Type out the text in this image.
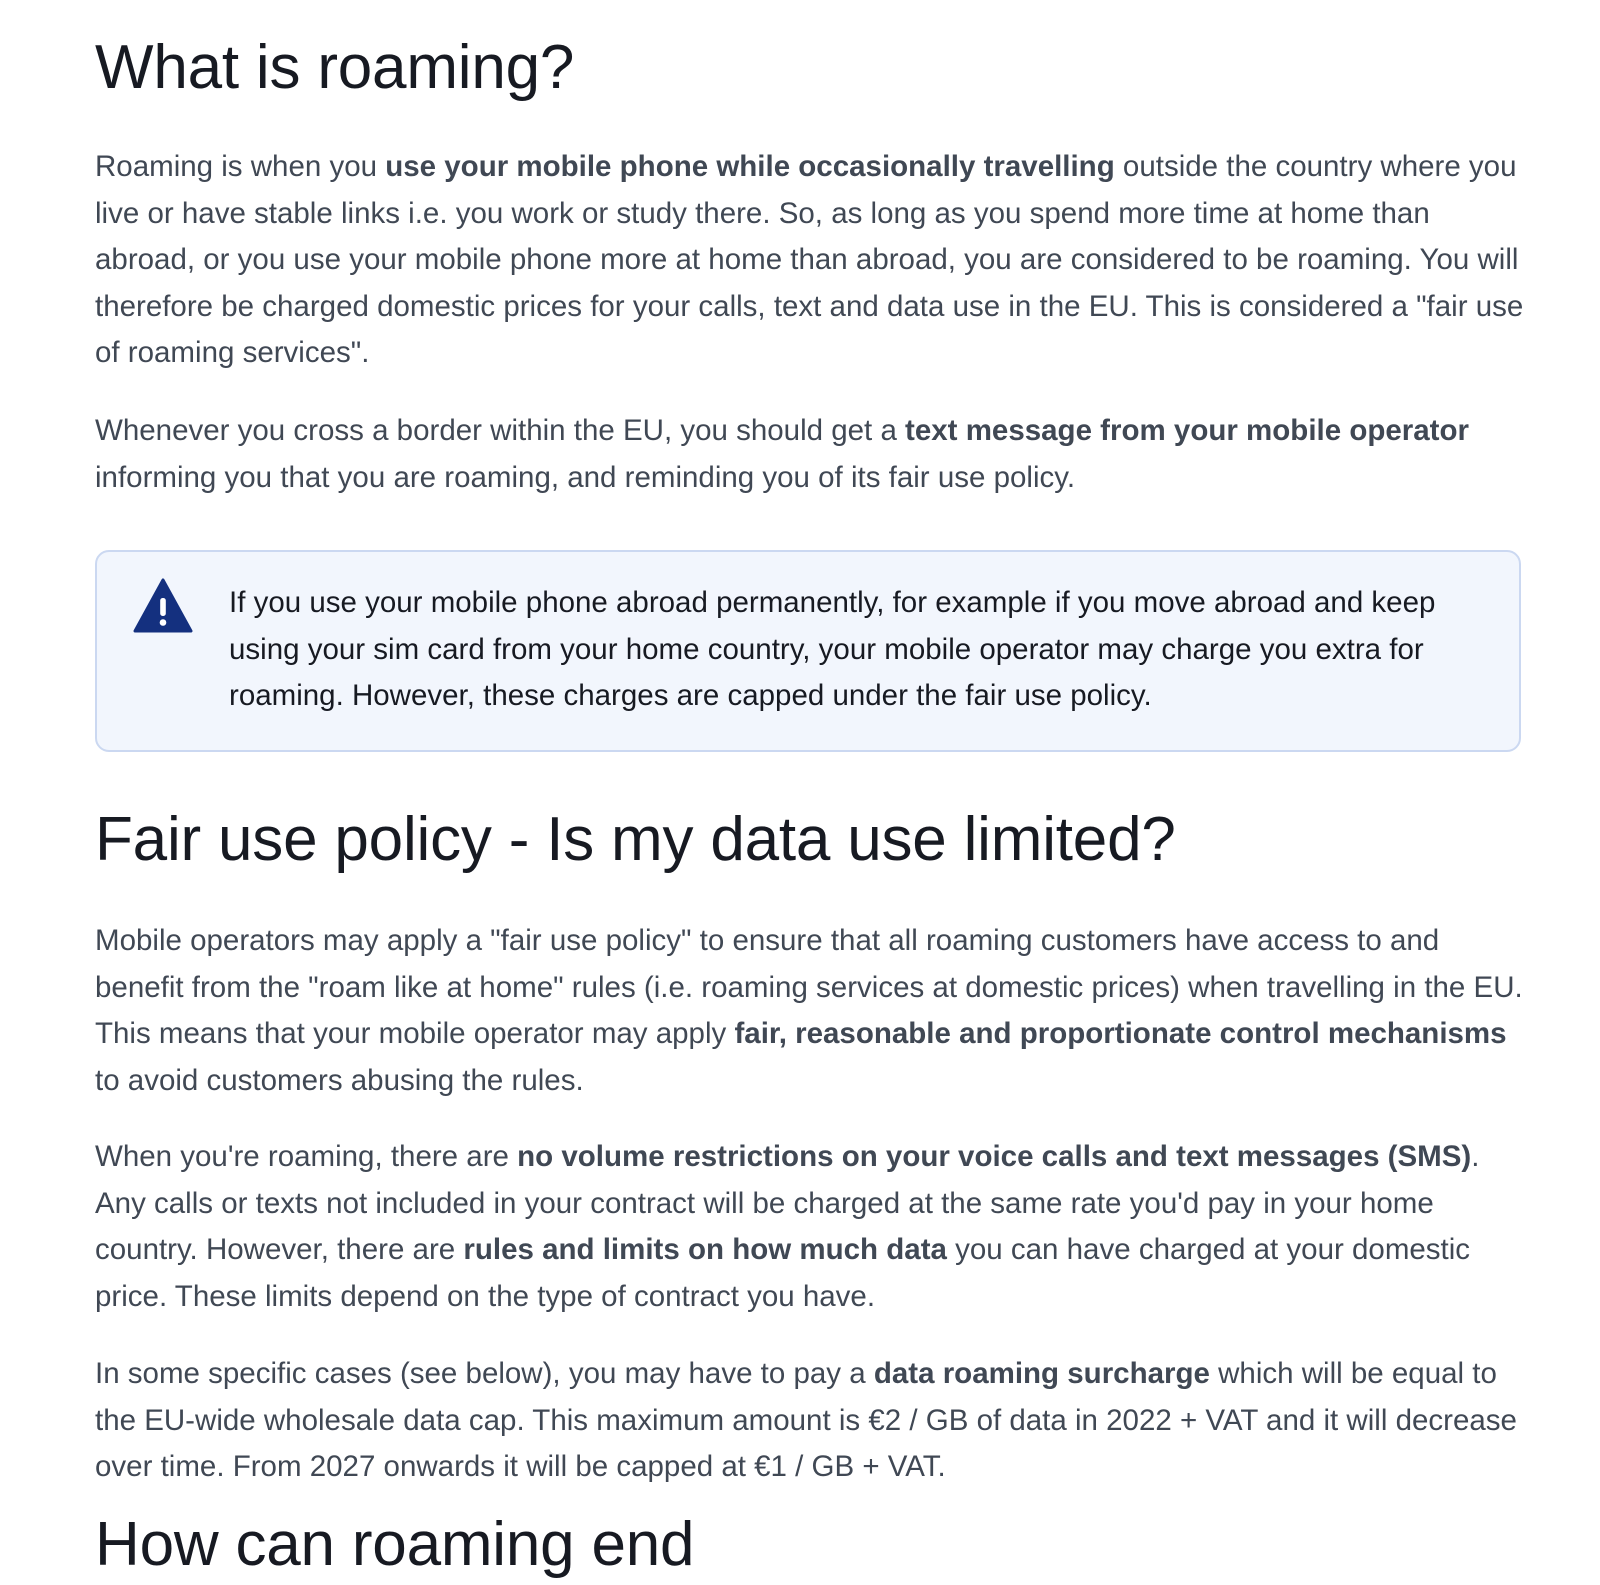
What is roaming?

Roaming is when you use your mobile phone while occasionally travelling outside the country where you live or have stable links i.e. you work or study there. So, as long as you spend more time at home than abroad, or you use your mobile phone more at home than abroad, you are considered to be roaming. You will therefore be charged domestic prices for your calls, text and data use in the EU. This is considered a "fair use of roaming services".

Whenever you cross a border within the EU, you should get a text message from your mobile operator informing you that you are roaming, and reminding you of its fair use policy.

If you use your mobile phone abroad permanently, for example if you move abroad and keep using your sim card from your home country, your mobile operator may charge you extra for roaming. However, these charges are capped under the fair use policy.
Fair use policy - Is my data use limited?

Mobile operators may apply a "fair use policy" to ensure that all roaming customers have access to and benefit from the "roam like at home" rules (i.e. roaming services at domestic prices) when travelling in the EU. This means that your mobile operator may apply fair, reasonable and proportionate control mechanisms to avoid customers abusing the rules.

When you're roaming, there are no volume restrictions on your voice calls and text messages (SMS). Any calls or texts not included in your contract will be charged at the same rate you'd pay in your home country. However, there are rules and limits on how much data you can have charged at your domestic price. These limits depend on the type of contract you have.

In some specific cases (see below), you may have to pay a data roaming surcharge which will be equal to the EU-wide wholesale data cap. This maximum amount is €2 / GB of data in 2022 + VAT and it will decrease over time. From 2027 onwards it will be capped at €1 / GB + VAT.

How can roaming end
